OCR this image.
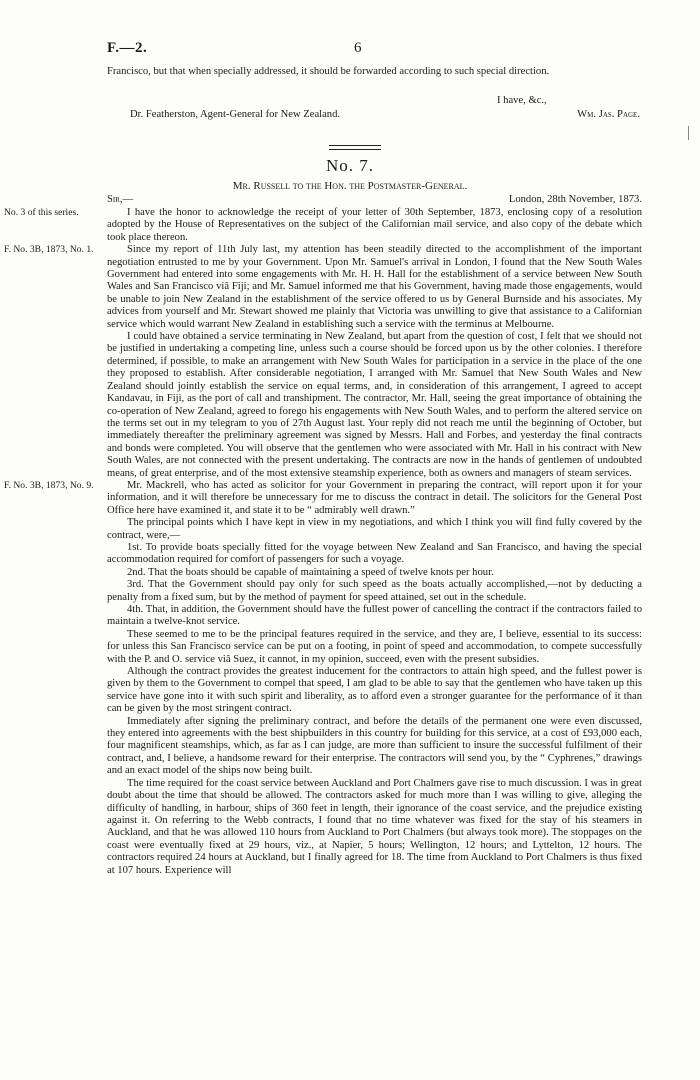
F.—2.	6

Francisco, but that when specially addressed, it should be forwarded according to such special direction.

I have, &c.,
Dr. Featherston, Agent-General for New Zealand.	Wm. Jas. Page.
No. 7.
Mr. Russell to the Hon. the Postmaster-General.
Sir,—	London, 28th November, 1873.
No. 3 of this series.
F. No. 3B, 1873, No. 1.
F. No. 3B, 1873, No. 9.

I have the honor to acknowledge the receipt of your letter of 30th September, 1873, enclosing copy of a resolution adopted by the House of Representatives on the subject of the Californian mail service, and also copy of the debate which took place thereon.

Since my report of 11th July last, my attention has been steadily directed to the accomplishment of the important negotiation entrusted to me by your Government. Upon Mr. Samuel's arrival in London, I found that the New South Wales Government had entered into some engagements with Mr. H. H. Hall for the establishment of a service between New South Wales and San Francisco viâ Fiji; and Mr. Samuel informed me that his Government, having made those engagements, would be unable to join New Zealand in the establishment of the service offered to us by General Burnside and his associates. My advices from yourself and Mr. Stewart showed me plainly that Victoria was unwilling to give that assistance to a Californian service which would warrant New Zealand in establishing such a service with the terminus at Melbourne.

I could have obtained a service terminating in New Zealand, but apart from the question of cost, I felt that we should not be justified in undertaking a competing line, unless such a course should be forced upon us by the other colonies. I therefore determined, if possible, to make an arrangement with New South Wales for participation in a service in the place of the one they proposed to establish. After considerable negotiation, I arranged with Mr. Samuel that New South Wales and New Zealand should jointly establish the service on equal terms, and, in consideration of this arrangement, I agreed to accept Kandavau, in Fiji, as the port of call and transhipment. The contractor, Mr. Hall, seeing the great importance of obtaining the co-operation of New Zealand, agreed to forego his engagements with New South Wales, and to perform the altered service on the terms set out in my telegram to you of 27th August last. Your reply did not reach me until the beginning of October, but immediately thereafter the preliminary agreement was signed by Messrs. Hall and Forbes, and yesterday the final contracts and bonds were completed. You will observe that the gentlemen who were associated with Mr. Hall in his contract with New South Wales, are not connected with the present undertaking. The contracts are now in the hands of gentlemen of undoubted means, of great enterprise, and of the most extensive steamship experience, both as owners and managers of steam services.

Mr. Mackrell, who has acted as solicitor for your Government in preparing the contract, will report upon it for your information, and it will therefore be unnecessary for me to discuss the contract in detail. The solicitors for the General Post Office here have examined it, and state it to be “ admirably well drawn.”

The principal points which I have kept in view in my negotiations, and which I think you will find fully covered by the contract, were,—

1st. To provide boats specially fitted for the voyage between New Zealand and San Francisco, and having the special accommodation required for comfort of passengers for such a voyage.

2nd. That the boats should be capable of maintaining a speed of twelve knots per hour.

3rd. That the Government should pay only for such speed as the boats actually accomplished,—not by deducting a penalty from a fixed sum, but by the method of payment for speed attained, set out in the schedule.

4th. That, in addition, the Government should have the fullest power of cancelling the contract if the contractors failed to maintain a twelve-knot service.

These seemed to me to be the principal features required in the service, and they are, I believe, essential to its success: for unless this San Francisco service can be put on a footing, in point of speed and accommodation, to compete successfully with the P. and O. service viâ Suez, it cannot, in my opinion, succeed, even with the present subsidies.

Although the contract provides the greatest inducement for the contractors to attain high speed, and the fullest power is given by them to the Government to compel that speed, I am glad to be able to say that the gentlemen who have taken up this service have gone into it with such spirit and liberality, as to afford even a stronger guarantee for the performance of it than can be given by the most stringent contract.

Immediately after signing the preliminary contract, and before the details of the permanent one were even discussed, they entered into agreements with the best shipbuilders in this country for building for this service, at a cost of £93,000 each, four magnificent steamships, which, as far as I can judge, are more than sufficient to insure the successful fulfilment of their contract, and, I believe, a handsome reward for their enterprise. The contractors will send you, by the “ Cyphrenes,” drawings and an exact model of the ships now being built.

The time required for the coast service between Auckland and Port Chalmers gave rise to much discussion. I was in great doubt about the time that should be allowed. The contractors asked for much more than I was willing to give, alleging the difficulty of handling, in harbour, ships of 360 feet in length, their ignorance of the coast service, and the prejudice existing against it. On referring to the Webb contracts, I found that no time whatever was fixed for the stay of his steamers in Auckland, and that he was allowed 110 hours from Auckland to Port Chalmers (but always took more). The stoppages on the coast were eventually fixed at 29 hours, viz., at Napier, 5 hours; Wellington, 12 hours; and Lyttelton, 12 hours. The contractors required 24 hours at Auckland, but I finally agreed for 18. The time from Auckland to Port Chalmers is thus fixed at 107 hours. Experience will
